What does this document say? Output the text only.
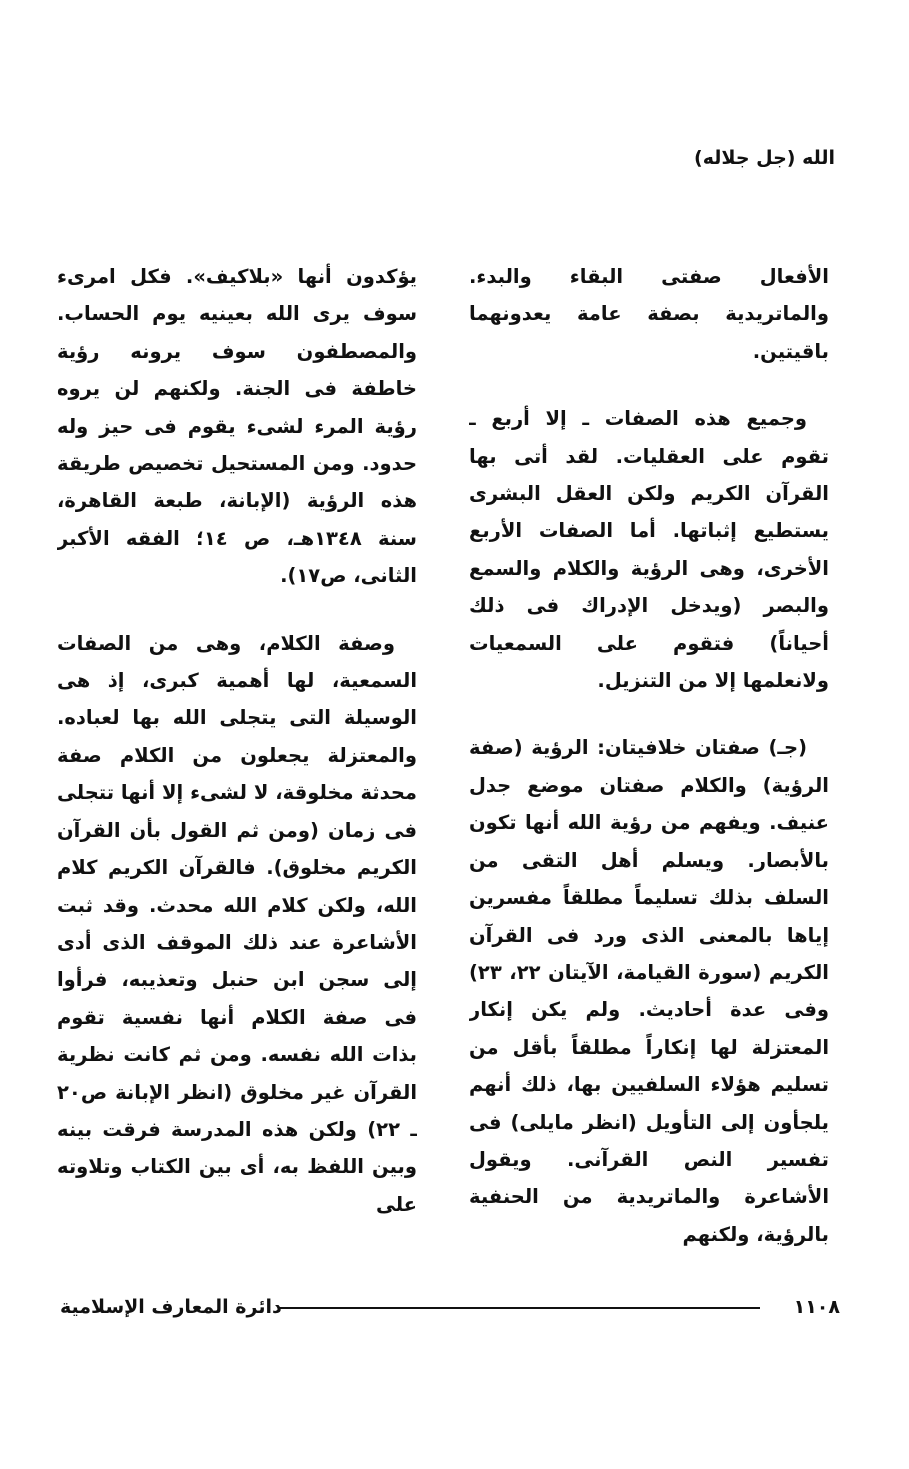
الله (جل جلاله)

الأفعال صفتى البقاء والبدء. والماتريدية بصفة عامة يعدونهما باقيتين.

وجميع هذه الصفات ـ إلا أربع ـ تقوم على العقليات. لقد أتى بها القرآن الكريم ولكن العقل البشرى يستطيع إثباتها. أما الصفات الأربع الأخرى، وهى الرؤية والكلام والسمع والبصر (ويدخل الإدراك فى ذلك أحياناً) فتقوم على السمعيات ولانعلمها إلا من التنزيل.

(جـ) صفتان خلافيتان: الرؤية (صفة الرؤية) والكلام صفتان موضع جدل عنيف. ويفهم من رؤية الله أنها تكون بالأبصار. ويسلم أهل التقى من السلف بذلك تسليماً مطلقاً مفسرين إياها بالمعنى الذى ورد فى القرآن الكريم (سورة القيامة، الآيتان ٢٢، ٢٣) وفى عدة أحاديث. ولم يكن إنكار المعتزلة لها إنكاراً مطلقاً بأقل من تسليم هؤلاء السلفيين بها، ذلك أنهم يلجأون إلى التأويل (انظر مايلى) فى تفسير النص القرآنى. ويقول الأشاعرة والماتريدية من الحنفية بالرؤية، ولكنهم

يؤكدون أنها «بلاكيف». فكل امرىء سوف يرى الله بعينيه يوم الحساب. والمصطفون سوف يرونه رؤية خاطفة فى الجنة. ولكنهم لن يروه رؤية المرء لشىء يقوم فى حيز وله حدود. ومن المستحيل تخصيص طريقة هذه الرؤية (الإبانة، طبعة القاهرة، سنة ١٣٤٨هـ، ص ١٤؛ الفقه الأكبر الثانى، ص١٧).

وصفة الكلام، وهى من الصفات السمعية، لها أهمية كبرى، إذ هى الوسيلة التى يتجلى الله بها لعباده. والمعتزلة يجعلون من الكلام صفة محدثة مخلوقة، لا لشىء إلا أنها تتجلى فى زمان (ومن ثم القول بأن القرآن الكريم مخلوق). فالقرآن الكريم كلام الله، ولكن كلام الله محدث. وقد ثبت الأشاعرة عند ذلك الموقف الذى أدى إلى سجن ابن حنبل وتعذيبه، فرأوا فى صفة الكلام أنها نفسية تقوم بذات الله نفسه. ومن ثم كانت نظرية القرآن غير مخلوق (انظر الإبانة ص٢٠ ـ ٢٢) ولكن هذه المدرسة فرقت بينه وبين اللفظ به، أى بين الكتاب وتلاوته على

١١٠٨
دائرة المعارف الإسلامية
